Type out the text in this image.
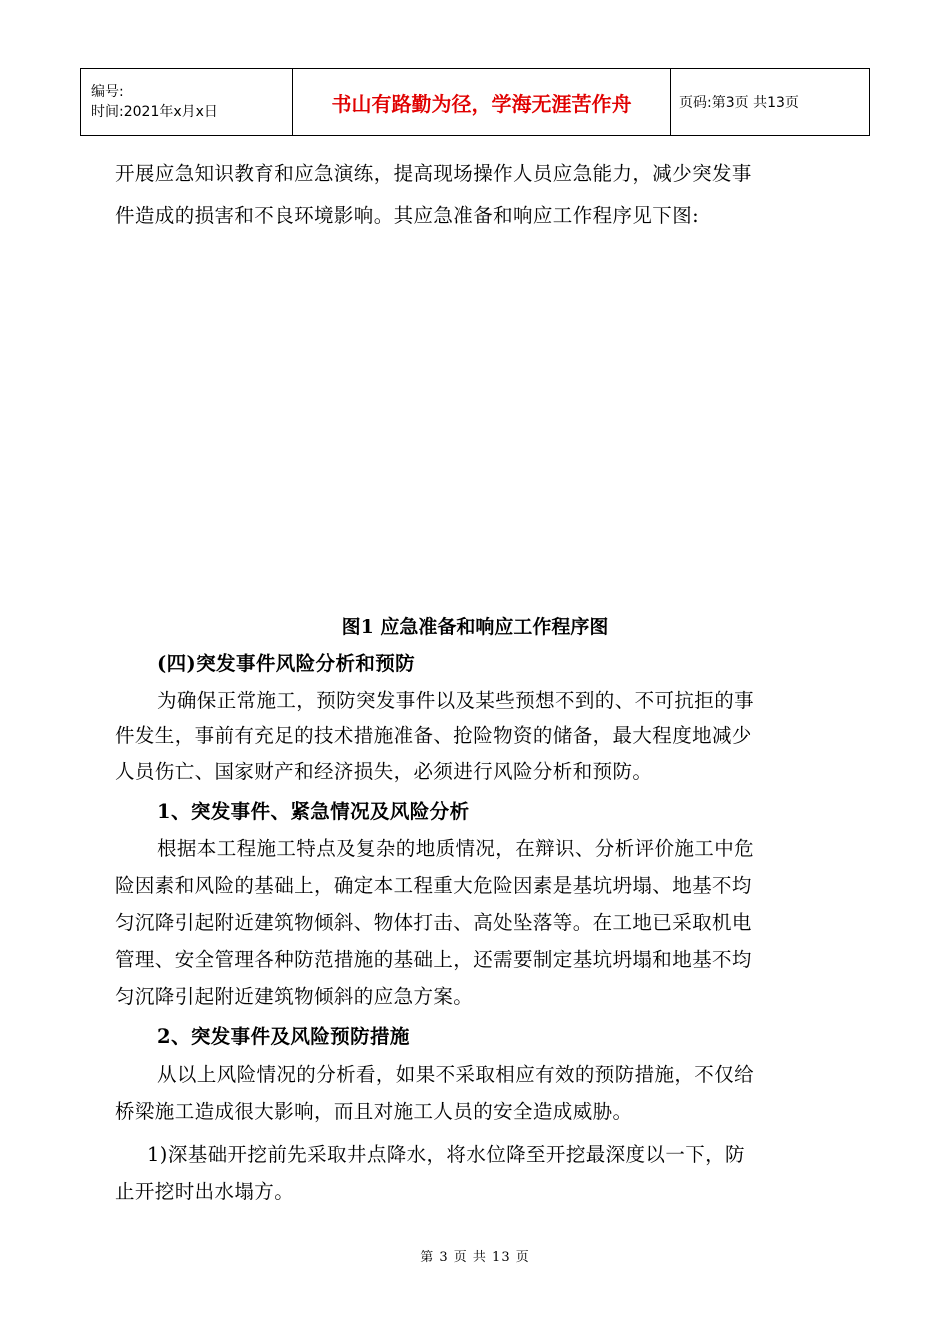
编号:
时间:2021年x月x日	书山有路勤为径，学海无涯苦作舟	页码:第3页 共13页
开展应急知识教育和应急演练，提高现场操作人员应急能力，减少突发事
件造成的损害和不良环境影响。其应急准备和响应工作程序见下图:
(四)突发事件风险分析和预防
为确保正常施工，预防突发事件以及某些预想不到的、不可抗拒的事
件发生，事前有充足的技术措施准备、抢险物资的储备，最大程度地减少
人员伤亡、国家财产和经济损失，必须进行风险分析和预防。
1、突发事件、紧急情况及风险分析
根据本工程施工特点及复杂的地质情况，在辩识、分析评价施工中危
险因素和风险的基础上，确定本工程重大危险因素是基坑坍塌、地基不均
匀沉降引起附近建筑物倾斜、物体打击、高处坠落等。在工地已采取机电
管理、安全管理各种防范措施的基础上，还需要制定基坑坍塌和地基不均
匀沉降引起附近建筑物倾斜的应急方案。
2、突发事件及风险预防措施
从以上风险情况的分析看，如果不采取相应有效的预防措施，不仅给
桥梁施工造成很大影响，而且对施工人员的安全造成威胁。
1)深基础开挖前先采取井点降水，将水位降至开挖最深度以一下，防
止开挖时出水塌方。
图1 应急准备和响应工作程序图
第 3 页 共 13 页
